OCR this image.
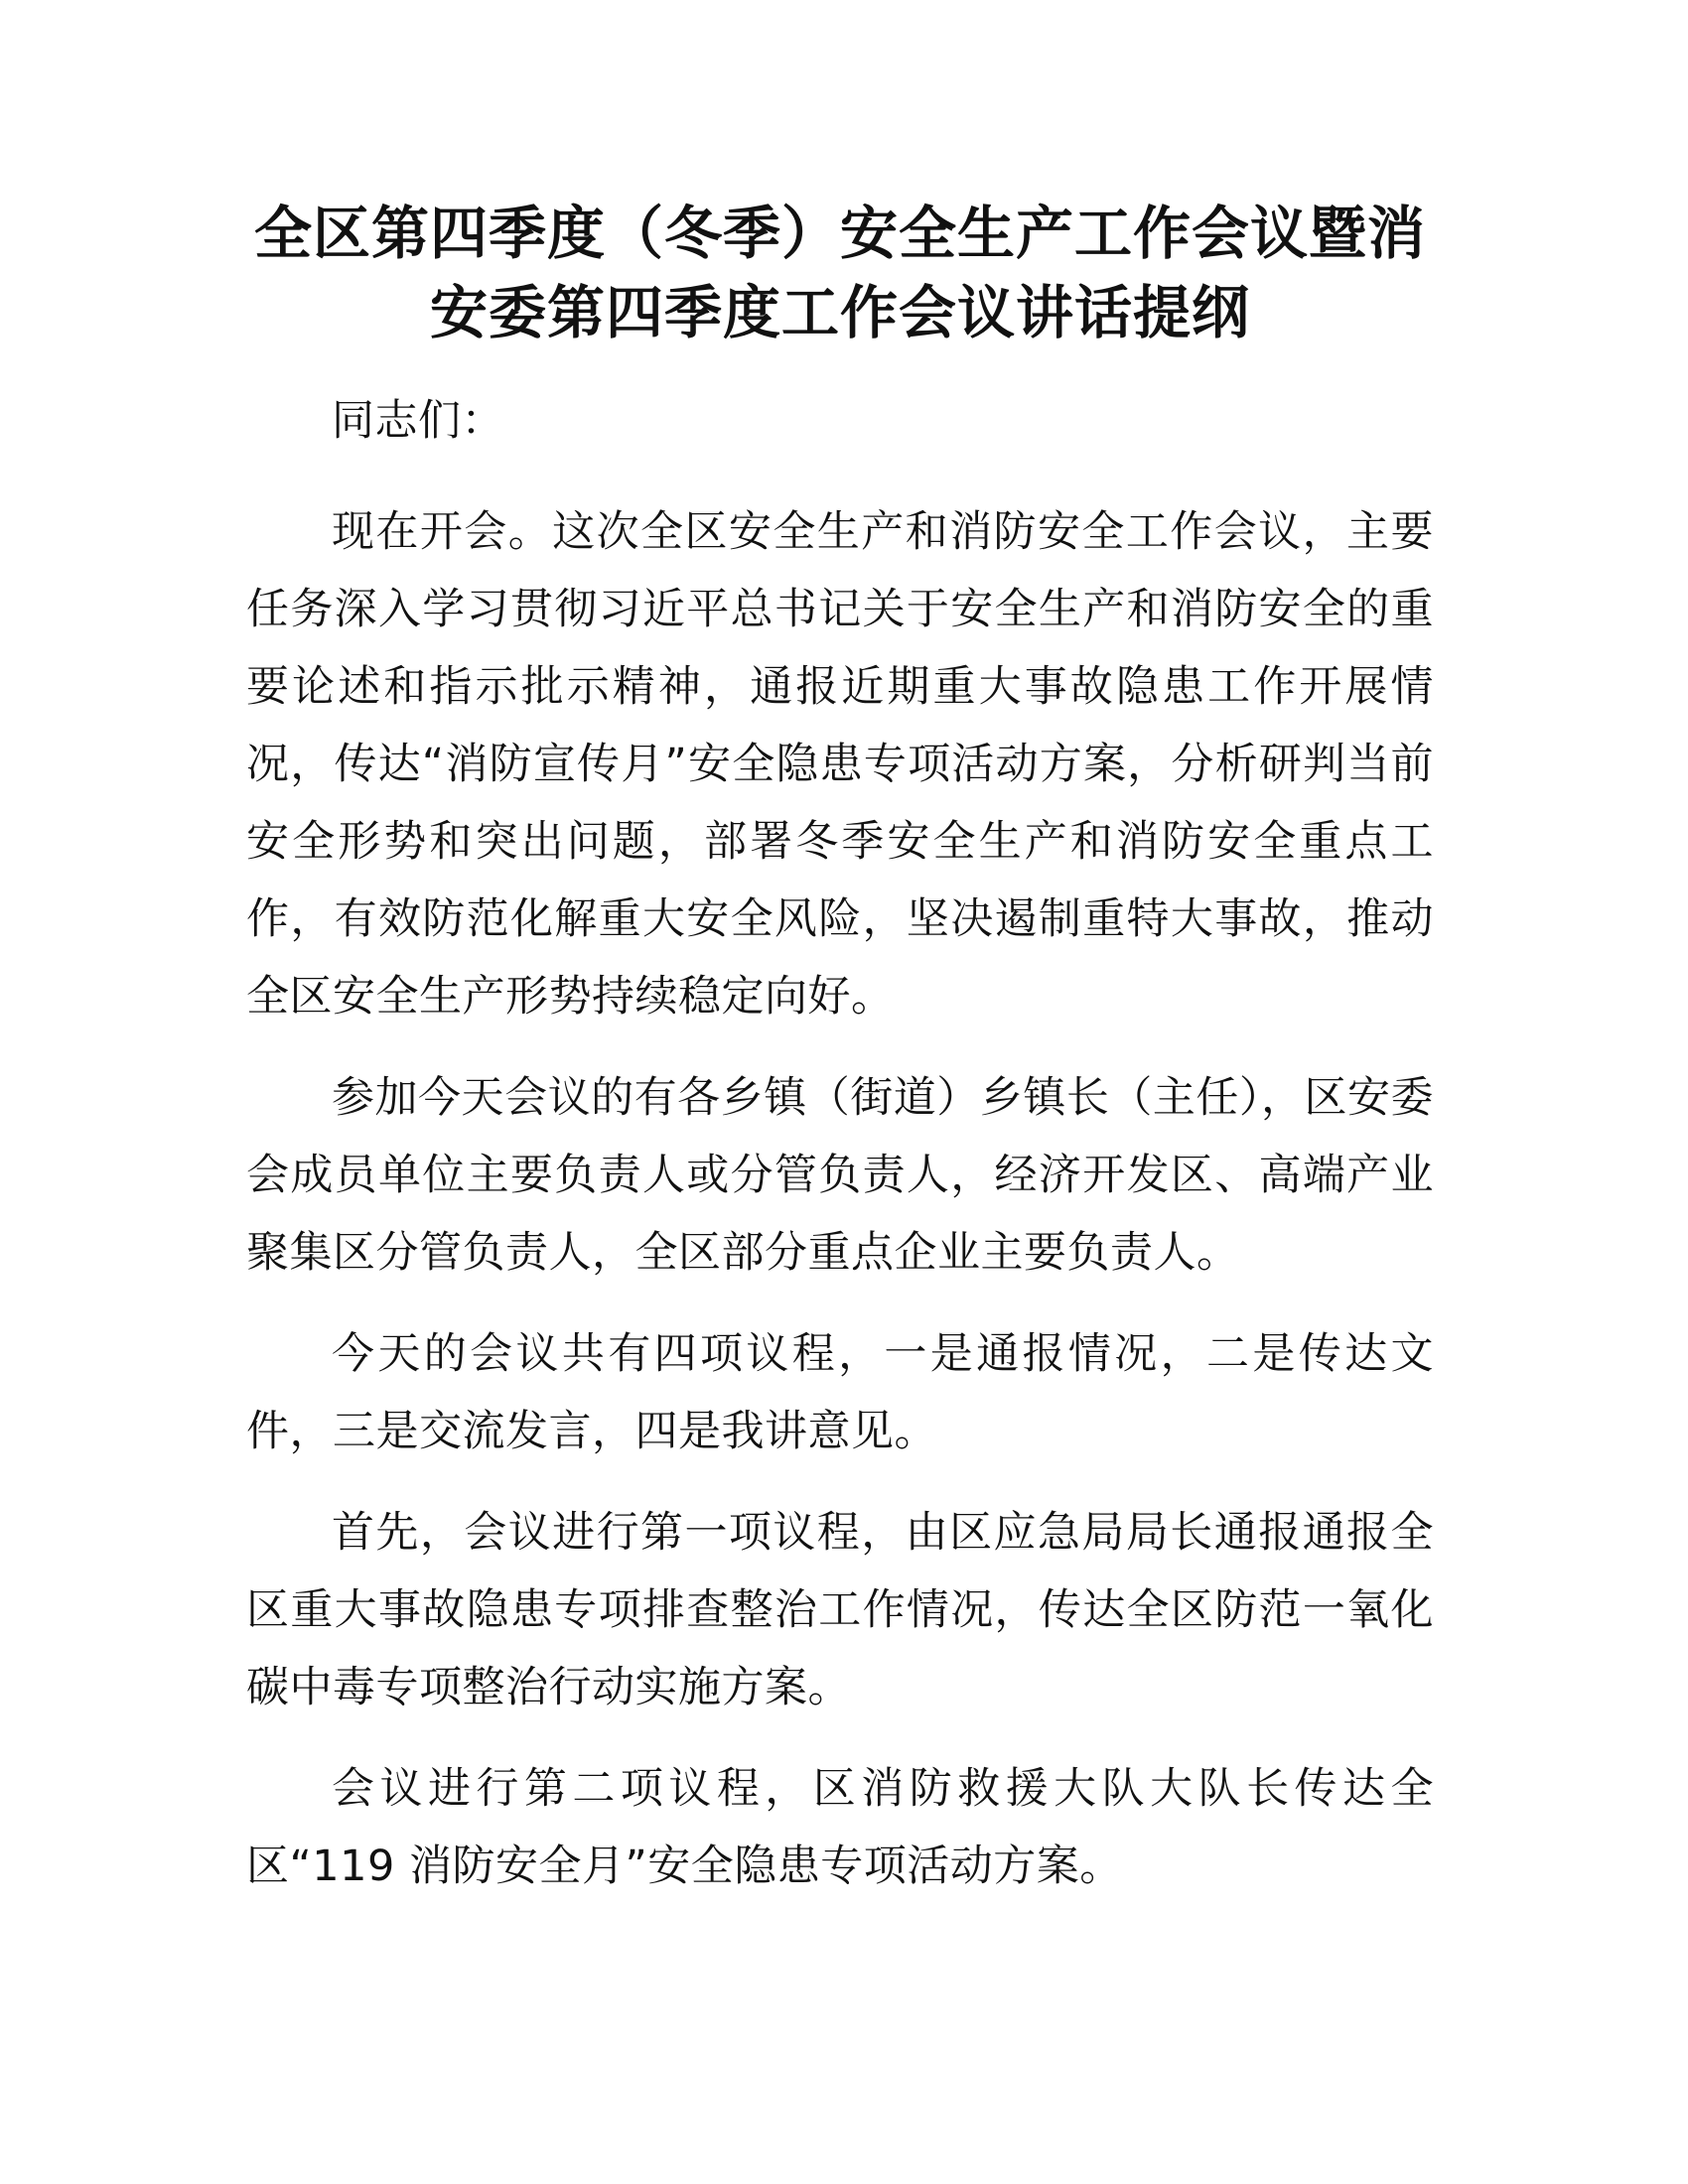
全区第四季度（冬季）安全生产工作会议暨消
安委第四季度工作会议讲话提纲

同志们：

现在开会。这次全区安全生产和消防安全工作会议，主要任务深入学习贯彻习近平总书记关于安全生产和消防安全的重要论述和指示批示精神，通报近期重大事故隐患工作开展情况，传达“消防宣传月”安全隐患专项活动方案，分析研判当前安全形势和突出问题，部署冬季安全生产和消防安全重点工作，有效防范化解重大安全风险，坚决遏制重特大事故，推动全区安全生产形势持续稳定向好。

参加今天会议的有各乡镇（街道）乡镇长（主任），区安委会成员单位主要负责人或分管负责人，经济开发区、高端产业聚集区分管负责人，全区部分重点企业主要负责人。

今天的会议共有四项议程，一是通报情况，二是传达文件，三是交流发言，四是我讲意见。

首先，会议进行第一项议程，由区应急局局长通报通报全区重大事故隐患专项排查整治工作情况，传达全区防范一氧化碳中毒专项整治行动实施方案。

会议进行第二项议程，区消防救援大队大队长传达全区“119 消防安全月”安全隐患专项活动方案。
